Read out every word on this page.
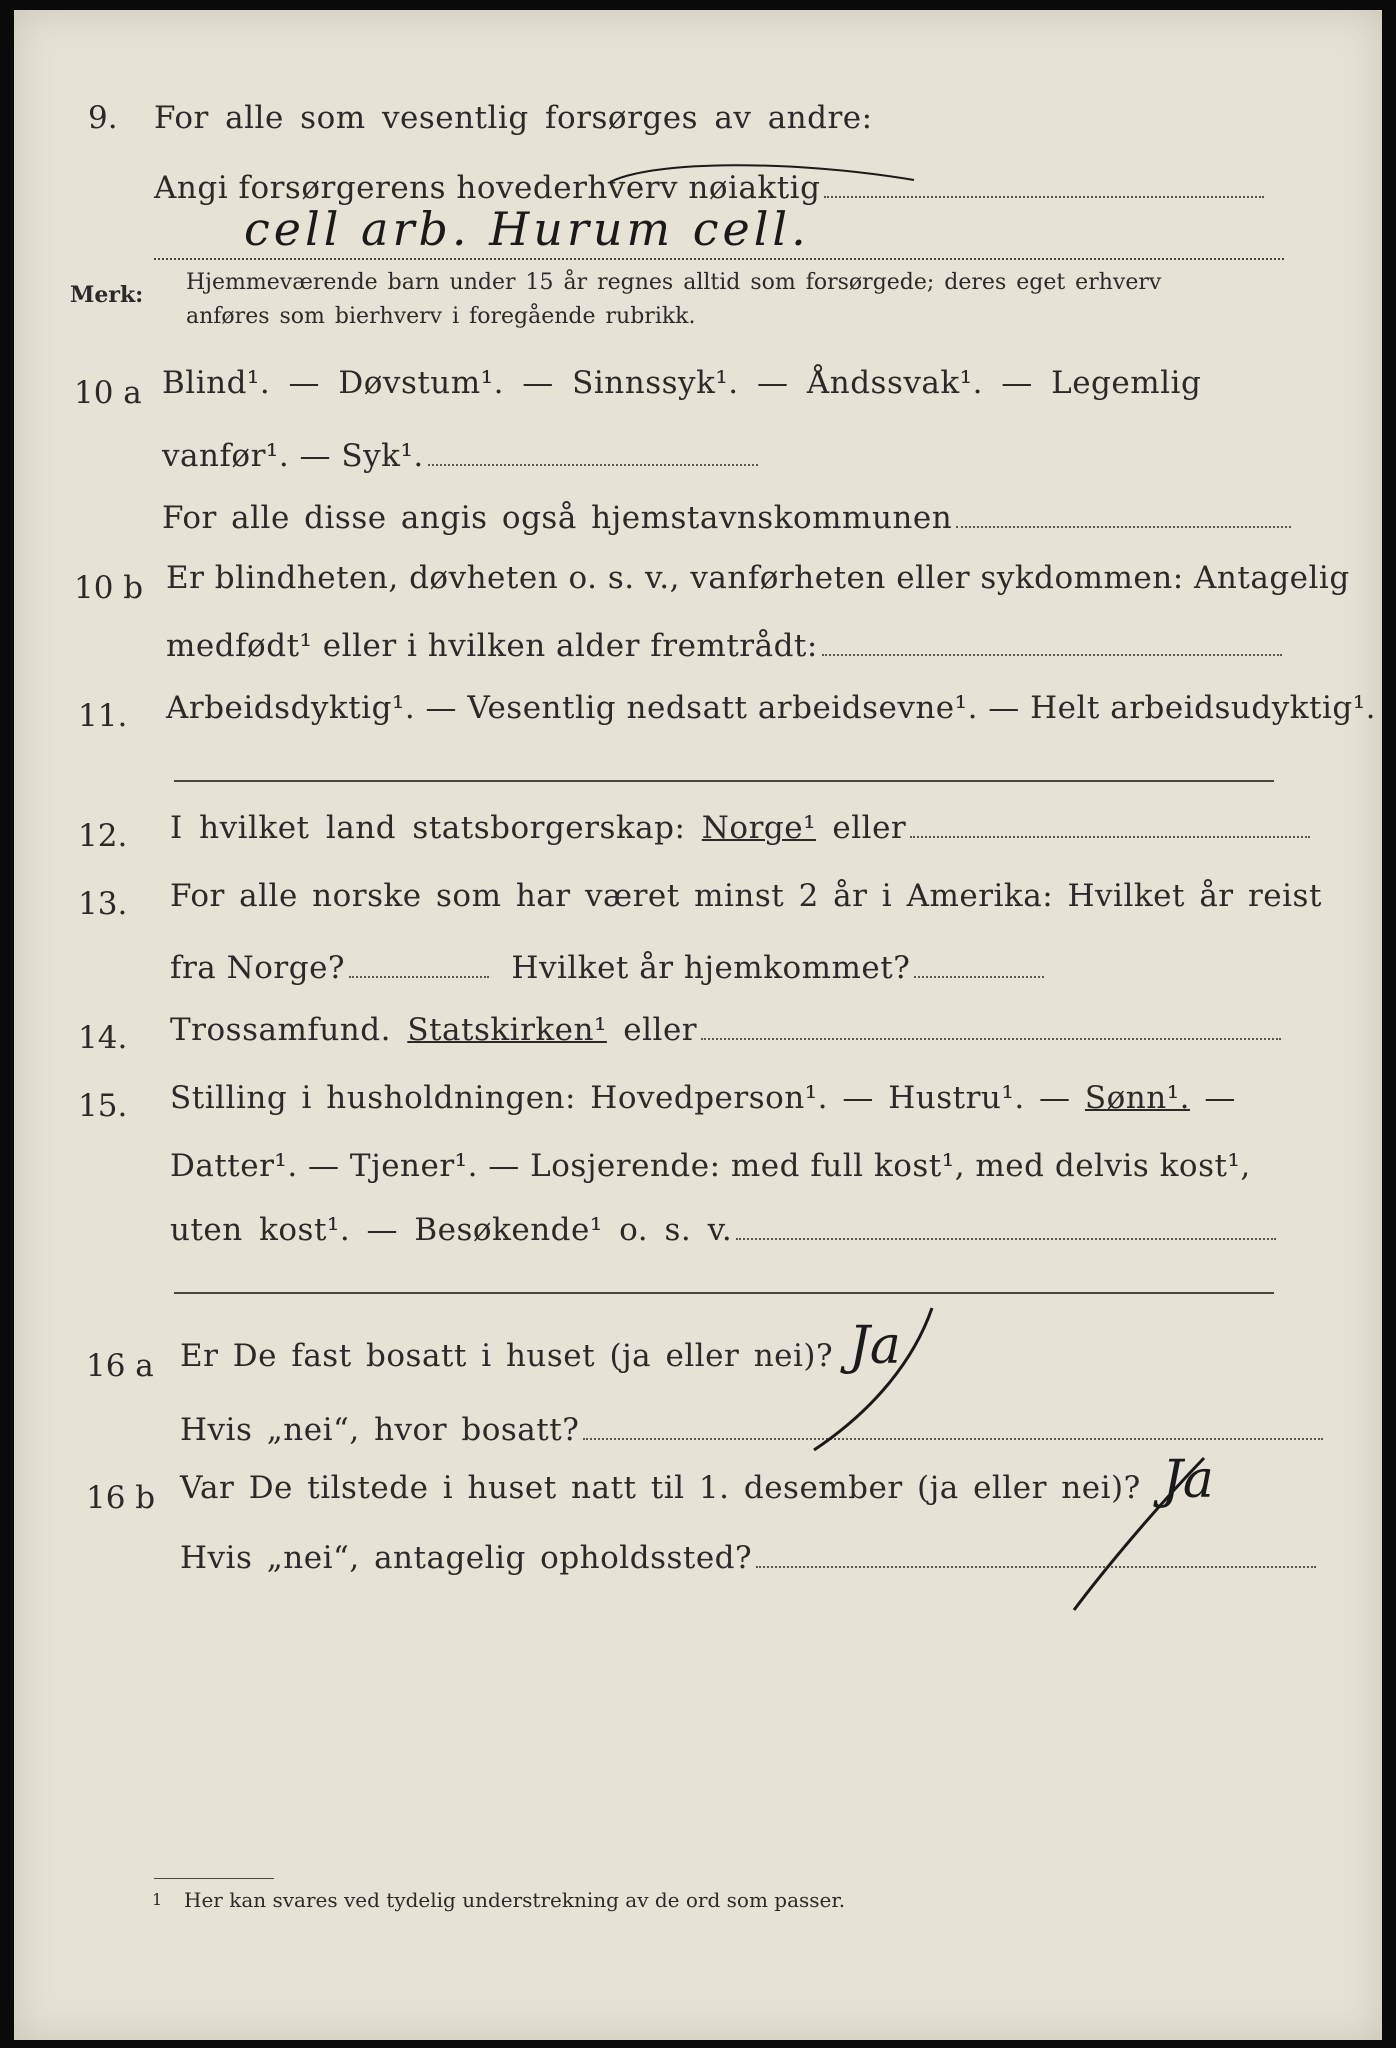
9. For alle som vesentlig forsørges av andre:
Angi forsørgerens hovederhverv nøiaktig
cell arb. Hurum cell.
Merk: Hjemmeværende barn under 15 år regnes alltid som forsørgede; deres eget erhverv
anføres som bierhverv i foregående rubrikk.
10 a Blind¹. — Døvstum¹. — Sinnssyk¹. — Åndssvak¹. — Legemlig
vanfør¹. — Syk¹.
For alle disse angis også hjemstavnskommunen
10 b Er blindheten, døvheten o. s. v., vanførheten eller sykdommen: Antagelig
medfødt¹ eller i hvilken alder fremtrådt:
11. Arbeidsdyktig¹. — Vesentlig nedsatt arbeidsevne¹. — Helt arbeidsudyktig¹.
12. I hvilket land statsborgerskap: Norge¹ eller
13. For alle norske som har været minst 2 år i Amerika: Hvilket år reist
fra Norge?	Hvilket år hjemkommet?
14. Trossamfund. Statskirken¹ eller
15. Stilling i husholdningen: Hovedperson¹. — Hustru¹. — Sønn¹. —
Datter¹. — Tjener¹. — Losjerende: med full kost¹, med delvis kost¹,
uten kost¹. — Besøkende¹ o. s. v.
16 a Er De fast bosatt i huset (ja eller nei)? Ja
Hvis „nei“, hvor bosatt?
16 b Var De tilstede i huset natt til 1. desember (ja eller nei)? Ja
Hvis „nei“, antagelig opholdssted?
1 Her kan svares ved tydelig understrekning av de ord som passer.
